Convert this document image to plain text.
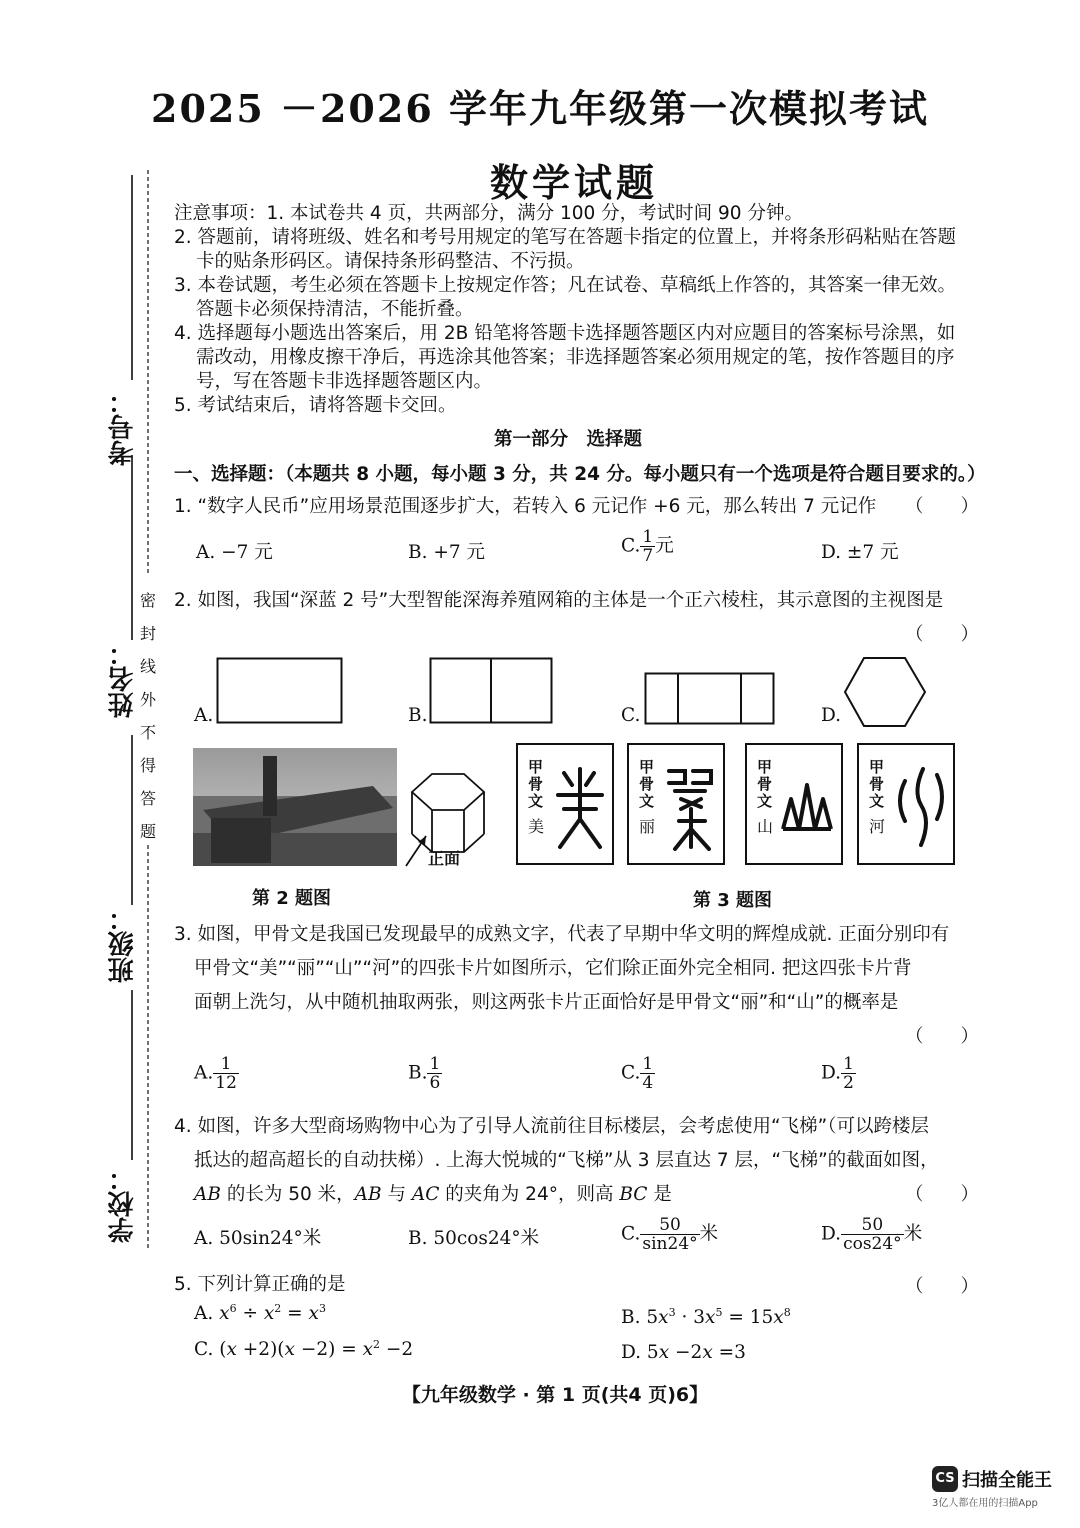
2025 －2026 学年九年级第一次模拟考试
数学试题
考号：
姓名：
班级：
学校：
密
封
线
外
不
得
答
题
注意事项：1. 本试卷共 4 页，共两部分，满分 100 分，考试时间 90 分钟。
2. 答题前，请将班级、姓名和考号用规定的笔写在答题卡指定的位置上，并将条形码粘贴在答题
卡的贴条形码区。请保持条形码整洁、不污损。
3. 本卷试题，考生必须在答题卡上按规定作答；凡在试卷、草稿纸上作答的，其答案一律无效。
答题卡必须保持清洁，不能折叠。
4. 选择题每小题选出答案后，用 2B 铅笔将答题卡选择题答题区内对应题目的答案标号涂黑，如
需改动，用橡皮擦干净后，再选涂其他答案；非选择题答案必须用规定的笔，按作答题目的序
号，写在答题卡非选择题答题区内。
5. 考试结束后，请将答题卡交回。
第一部分　选择题
一、选择题：（本题共 8 小题，每小题 3 分，共 24 分。每小题只有一个选项是符合题目要求的。）
1. “数字人民币”应用场景范围逐步扩大，若转入 6 元记作 +6 元，那么转出 7 元记作 （　　）
A. −7 元	B. +7 元	C. $\frac{1}{7}$ 元	D. ±7 元
2. 如图，我国“深蓝 2 号”大型智能深海养殖网箱的主体是一个正六棱柱，其示意图的主视图是
（　　）
A.	B.	C.	D.
正面
第 2 题图
甲骨文
美
甲骨文
丽
甲骨文
山
甲骨文
河
第 3 题图
3. 如图，甲骨文是我国已发现最早的成熟文字，代表了早期中华文明的辉煌成就. 正面分别印有
甲骨文“美”“丽”“山”“河”的四张卡片如图所示，它们除正面外完全相同. 把这四张卡片背
面朝上洗匀，从中随机抽取两张，则这两张卡片正面恰好是甲骨文“丽”和“山”的概率是
（　　）
A. $\frac{1}{12}$	B. $\frac{1}{6}$	C. $\frac{1}{4}$	D. $\frac{1}{2}$
4. 如图，许多大型商场购物中心为了引导人流前往目标楼层，会考虑使用“飞梯”（可以跨楼层
抵达的超高超长的自动扶梯）. 上海大悦城的“飞梯”从 3 层直达 7 层，“飞梯”的截面如图，
AB 的长为 50 米，AB 与 AC 的夹角为 24°，则高 BC 是	（　　）
A. 50sin24°米	B. 50cos24°米	C. $\frac{50}{\sin 24^\circ}$ 米	D. $\frac{50}{\cos 24^\circ}$ 米
5. 下列计算正确的是	（　　）
A. $x^6 \div x^2 = x^3$	B. $5x^3 \cdot 3x^5 = 15x^8$
C. $(x +2)(x -2) = x^2 -2$	D. 5x −2x =3
【九年级数学 · 第 1 页(共4 页)6】
CS 扫描全能王
3亿人都在用的扫描App
